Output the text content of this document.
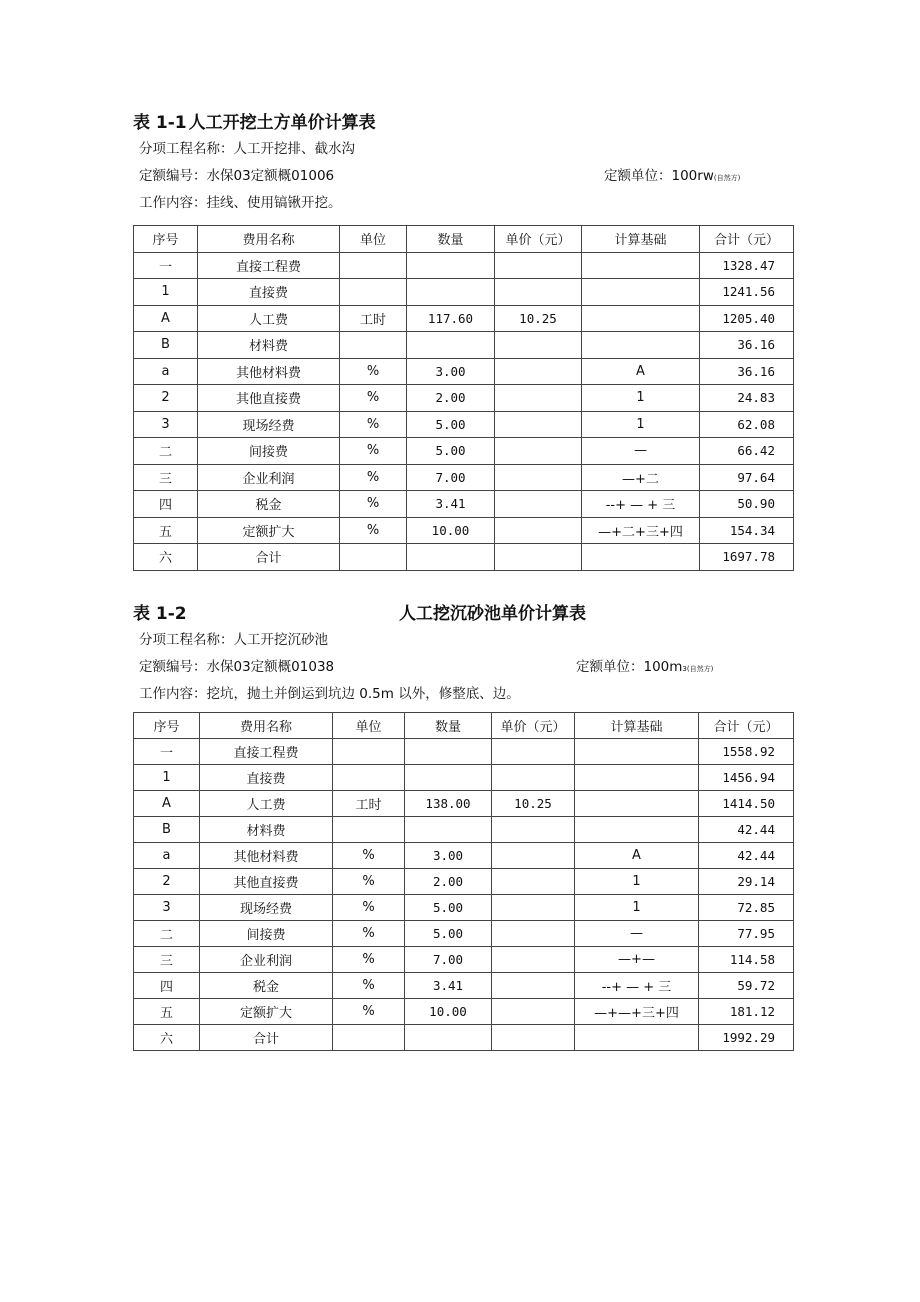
表 1-1 人工开挖土方单价计算表
分项工程名称：人工开挖排、截水沟
定额编号：水保03定额概01006	定额单位：100rw(自然方)
工作内容：挂线、使用镐锹开挖。
序号	费用名称	单位	数量	单价（元）	计算基础	合计（元）
一	直接工程费					1328.47
1	直接费					1241.56
A	人工费	工时	117.60	10.25		1205.40
B	材料费					36.16
a	其他材料费	%	3.00		A	36.16
2	其他直接费	%	2.00		1	24.83
3	现场经费	%	5.00		1	62.08
二	间接费	%	5.00		—	66.42
三	企业利润	%	7.00		—+二	97.64
四	税金	%	3.41		--+ — + 三	50.90
五	定额扩大	%	10.00		—+二+三+四	154.34
六	合计					1697.78
表 1-2	人工挖沉砂池单价计算表
分项工程名称：人工开挖沉砂池
定额编号：水保03定额概01038	定额单位：100m3(自然方)
工作内容：挖坑，抛土并倒运到坑边 0.5m 以外，修整底、边。
序号	费用名称	单位	数量	单价（元）	计算基础	合计（元）
一	直接工程费					1558.92
1	直接费					1456.94
A	人工费	工时	138.00	10.25		1414.50
B	材料费					42.44
a	其他材料费	%	3.00		A	42.44
2	其他直接费	%	2.00		1	29.14
3	现场经费	%	5.00		1	72.85
二	间接费	%	5.00		—	77.95
三	企业利润	%	7.00		—+—	114.58
四	税金	%	3.41		--+ — + 三	59.72
五	定额扩大	%	10.00		—+—+三+四	181.12
六	合计					1992.29
